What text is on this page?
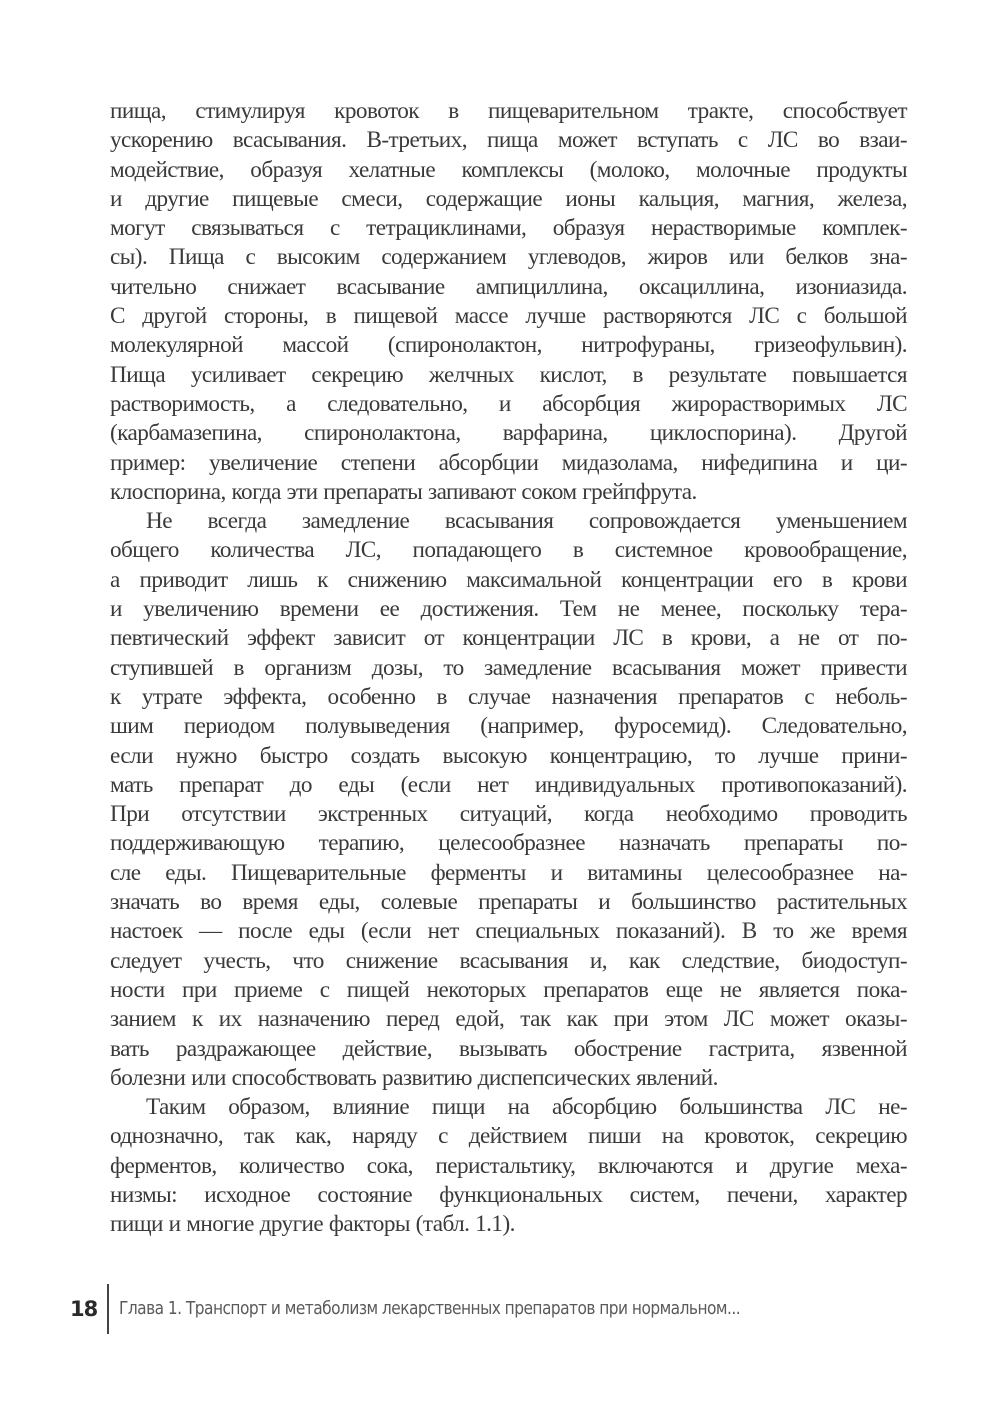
пища, стимулируя кровоток в пищеварительном тракте, способствует
ускорению всасывания. В-третьих, пища может вступать с ЛС во взаи-
модействие, образуя хелатные комплексы (молоко, молочные продукты
и другие пищевые смеси, содержащие ионы кальция, магния, железа,
могут связываться с тетрациклинами, образуя нерастворимые комплек-
сы). Пища с высоким содержанием углеводов, жиров или белков зна-
чительно снижает всасывание ампициллина, оксациллина, изониазида.
С другой стороны, в пищевой массе лучше растворяются ЛС с большой
молекулярной массой (спиронолактон, нитрофураны, гризеофульвин).
Пища усиливает секрецию желчных кислот, в результате повышается
растворимость, а следовательно, и абсорбция жирорастворимых ЛС
(карбамазепина, спиронолактона, варфарина, циклоспорина). Другой
пример: увеличение степени абсорбции мидазолама, нифедипина и ци-
клоспорина, когда эти препараты запивают соком грейпфрута.
Не всегда замедление всасывания сопровождается уменьшением
общего количества ЛС, попадающего в системное кровообращение,
а приводит лишь к снижению максимальной концентрации его в крови
и увеличению времени ее достижения. Тем не менее, поскольку тера-
певтический эффект зависит от концентрации ЛС в крови, а не от по-
ступившей в организм дозы, то замедление всасывания может привести
к утрате эффекта, особенно в случае назначения препаратов с неболь-
шим периодом полувыведения (например, фуросемид). Следовательно,
если нужно быстро создать высокую концентрацию, то лучше прини-
мать препарат до еды (если нет индивидуальных противопоказаний).
При отсутствии экстренных ситуаций, когда необходимо проводить
поддерживающую терапию, целесообразнее назначать препараты по-
сле еды. Пищеварительные ферменты и витамины целесообразнее на-
значать во время еды, солевые препараты и большинство растительных
настоек — после еды (если нет специальных показаний). В то же время
следует учесть, что снижение всасывания и, как следствие, биодоступ-
ности при приеме с пищей некоторых препаратов еще не является пока-
занием к их назначению перед едой, так как при этом ЛС может оказы-
вать раздражающее действие, вызывать обострение гастрита, язвенной
болезни или способствовать развитию диспепсических явлений.
Таким образом, влияние пищи на абсорбцию большинства ЛС не-
однозначно, так как, наряду с действием пиши на кровоток, секрецию
ферментов, количество сока, перистальтику, включаются и другие меха-
низмы: исходное состояние функциональных систем, печени, характер
пищи и многие другие факторы (табл. 1.1).
18 Глава 1. Транспорт и метаболизм лекарственных препаратов при нормальном...
